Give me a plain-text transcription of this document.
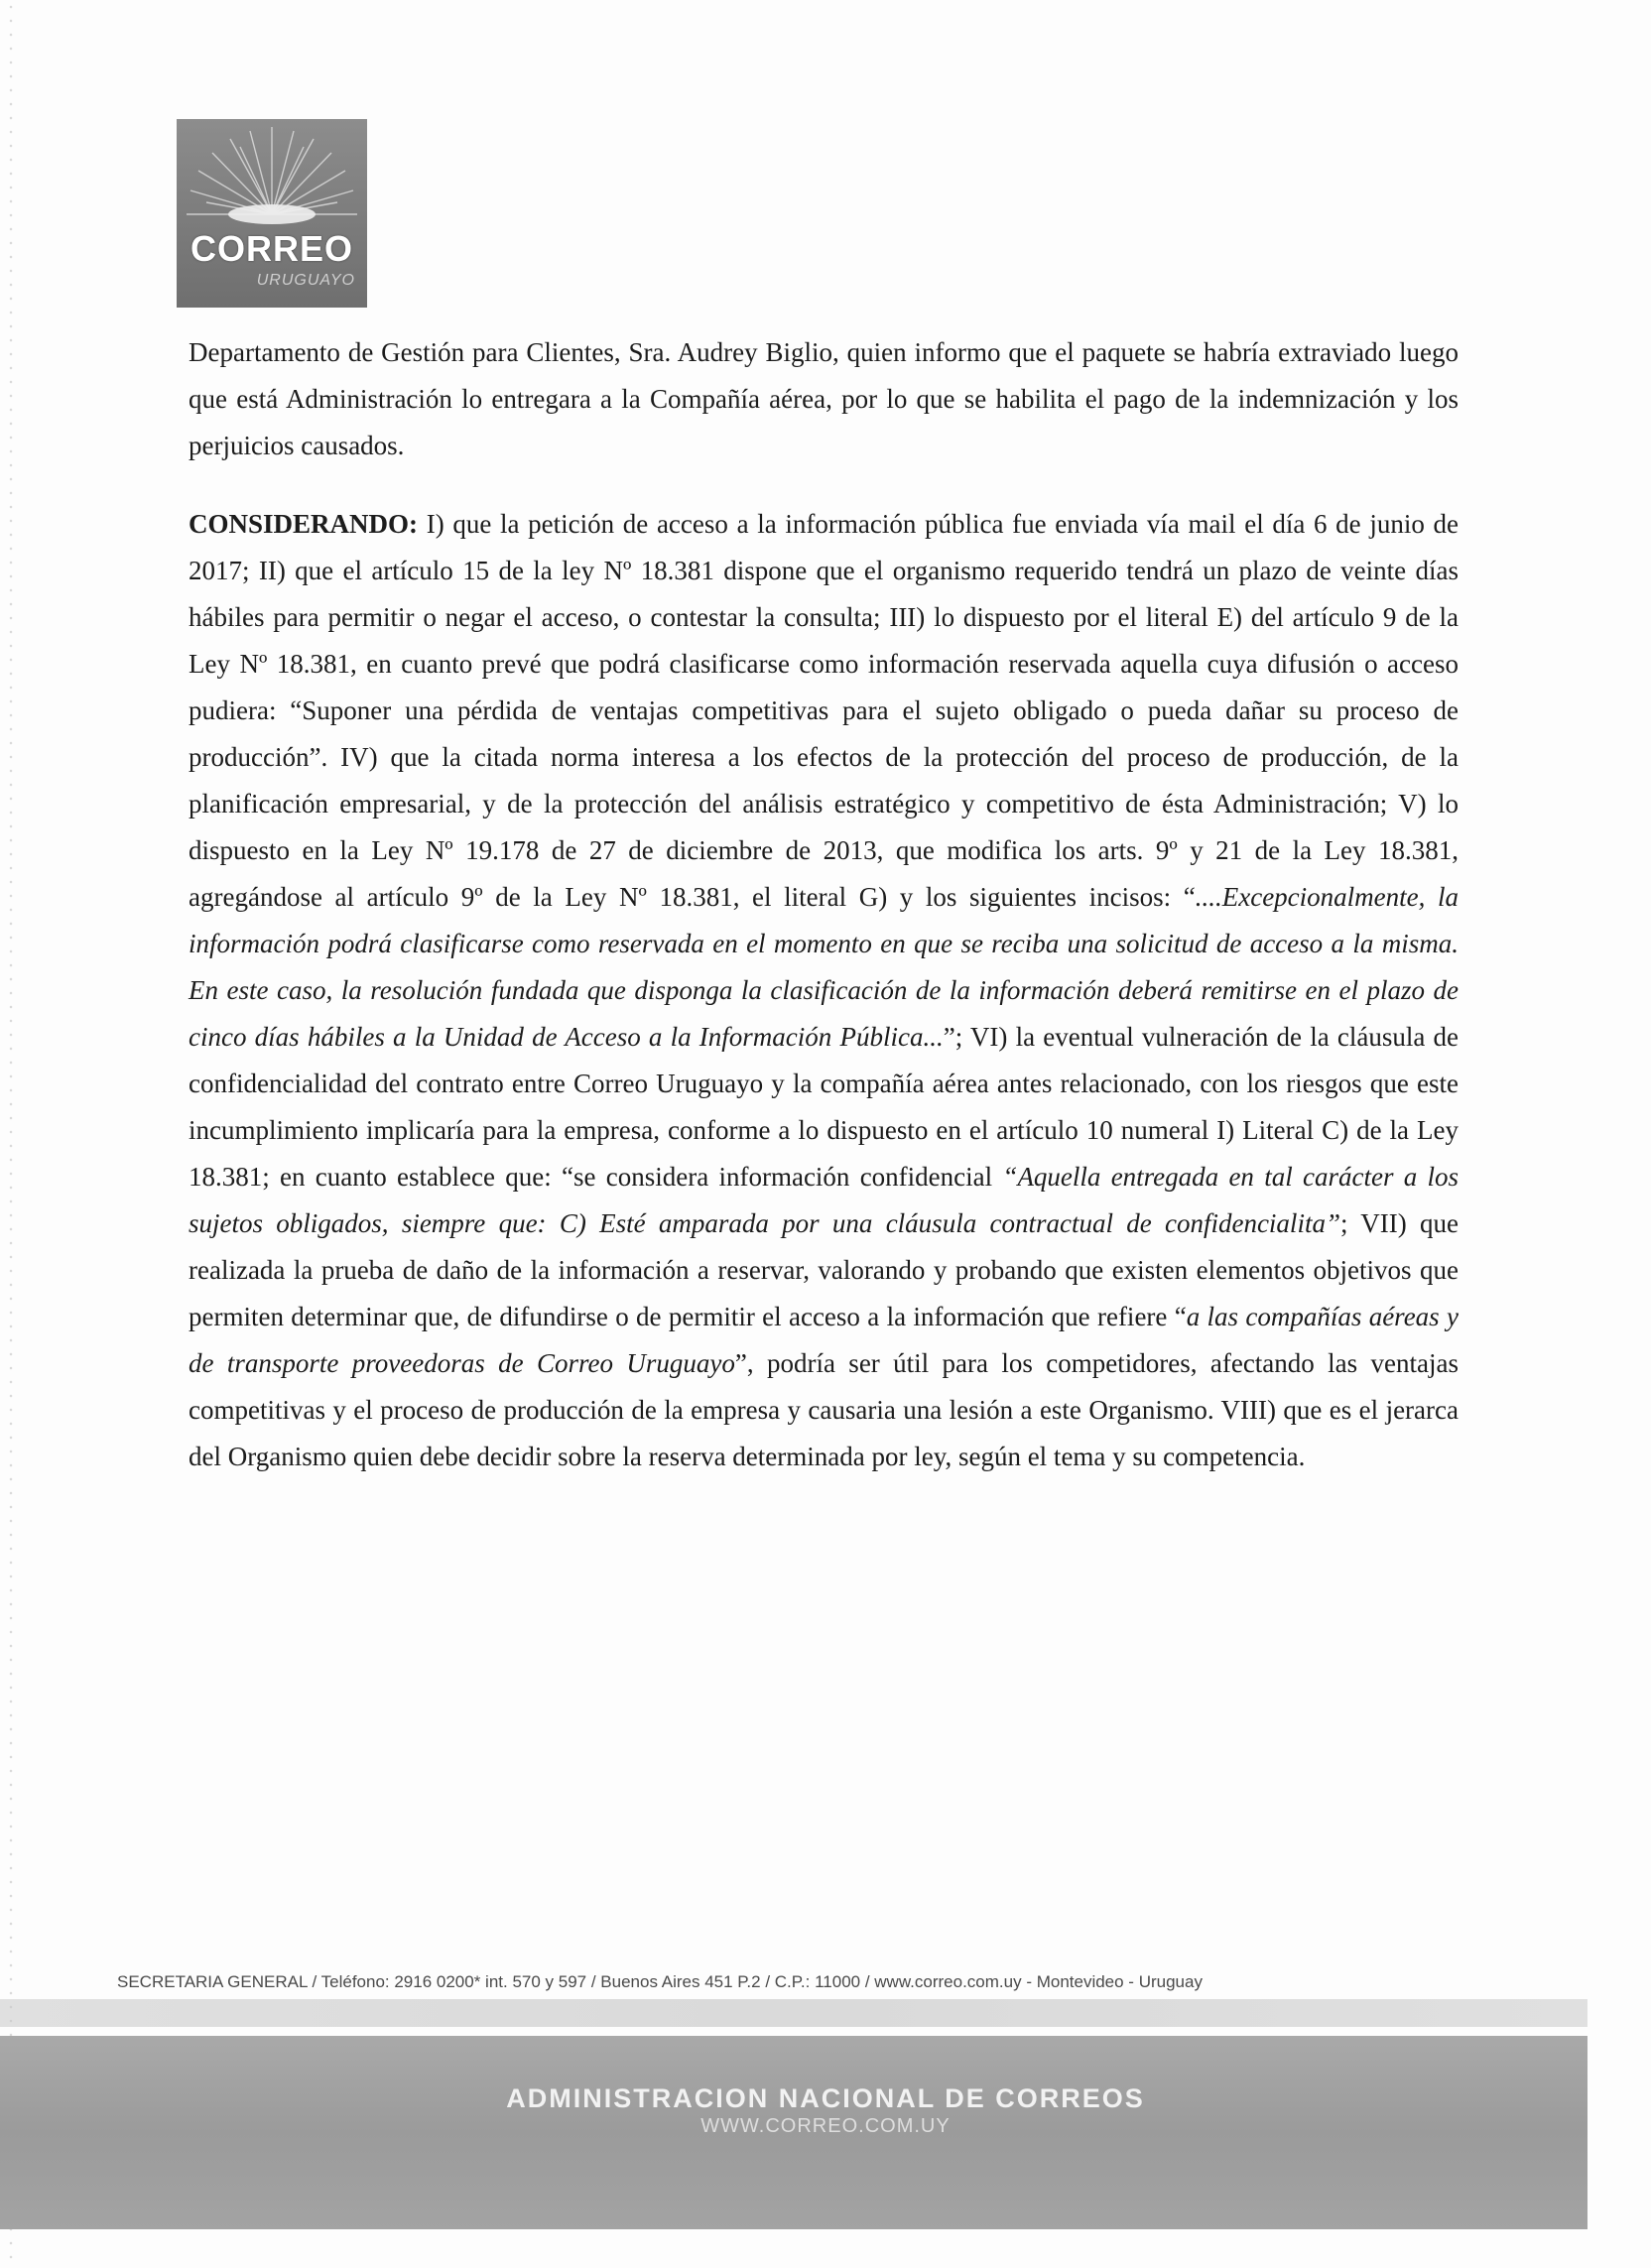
CORREO
URUGUAYO

Departamento de Gestión para Clientes, Sra. Audrey Biglio, quien informo que el paquete se habría extraviado luego que está Administración lo entregara a la Compañía aérea, por lo que se habilita el pago de la indemnización y los perjuicios causados.

CONSIDERANDO: I) que la petición de acceso a la información pública fue enviada vía mail el día 6 de junio de 2017; II) que el artículo 15 de la ley Nº 18.381 dispone que el organismo requerido tendrá un plazo de veinte días hábiles para permitir o negar el acceso, o contestar la consulta; III) lo dispuesto por el literal E) del artículo 9 de la Ley Nº 18.381, en cuanto prevé que podrá clasificarse como información reservada aquella cuya difusión o acceso pudiera: “Suponer una pérdida de ventajas competitivas para el sujeto obligado o pueda dañar su proceso de producción”. IV) que la citada norma interesa a los efectos de la protección del proceso de producción, de la planificación empresarial, y de la protección del análisis estratégico y competitivo de ésta Administración; V) lo dispuesto en la Ley Nº 19.178 de 27 de diciembre de 2013, que modifica los arts. 9º y 21 de la Ley 18.381, agregándose al artículo 9º de la Ley Nº 18.381, el literal G) y los siguientes incisos: “....Excepcionalmente, la información podrá clasificarse como reservada en el momento en que se reciba una solicitud de acceso a la misma. En este caso, la resolución fundada que disponga la clasificación de la información deberá remitirse en el plazo de cinco días hábiles a la Unidad de Acceso a la Información Pública...”; VI) la eventual vulneración de la cláusula de confidencialidad del contrato entre Correo Uruguayo y la compañía aérea antes relacionado, con los riesgos que este incumplimiento implicaría para la empresa, conforme a lo dispuesto en el artículo 10 numeral I) Literal C) de la Ley 18.381; en cuanto establece que: “se considera información confidencial “Aquella entregada en tal carácter a los sujetos obligados, siempre que: C) Esté amparada por una cláusula contractual de confidencialita”; VII) que realizada la prueba de daño de la información a reservar, valorando y probando que existen elementos objetivos que permiten determinar que, de difundirse o de permitir el acceso a la información que refiere “a las compañías aéreas y de transporte proveedoras de Correo Uruguayo”, podría ser útil para los competidores, afectando las ventajas competitivas y el proceso de producción de la empresa y causaria una lesión a este Organismo. VIII) que es el jerarca del Organismo quien debe decidir sobre la reserva determinada por ley, según el tema y su competencia.

SECRETARIA GENERAL / Teléfono: 2916 0200* int. 570 y 597 / Buenos Aires 451 P.2 / C.P.: 11000 / www.correo.com.uy - Montevideo - Uruguay
ADMINISTRACION NACIONAL DE CORREOS
WWW.CORREO.COM.UY
